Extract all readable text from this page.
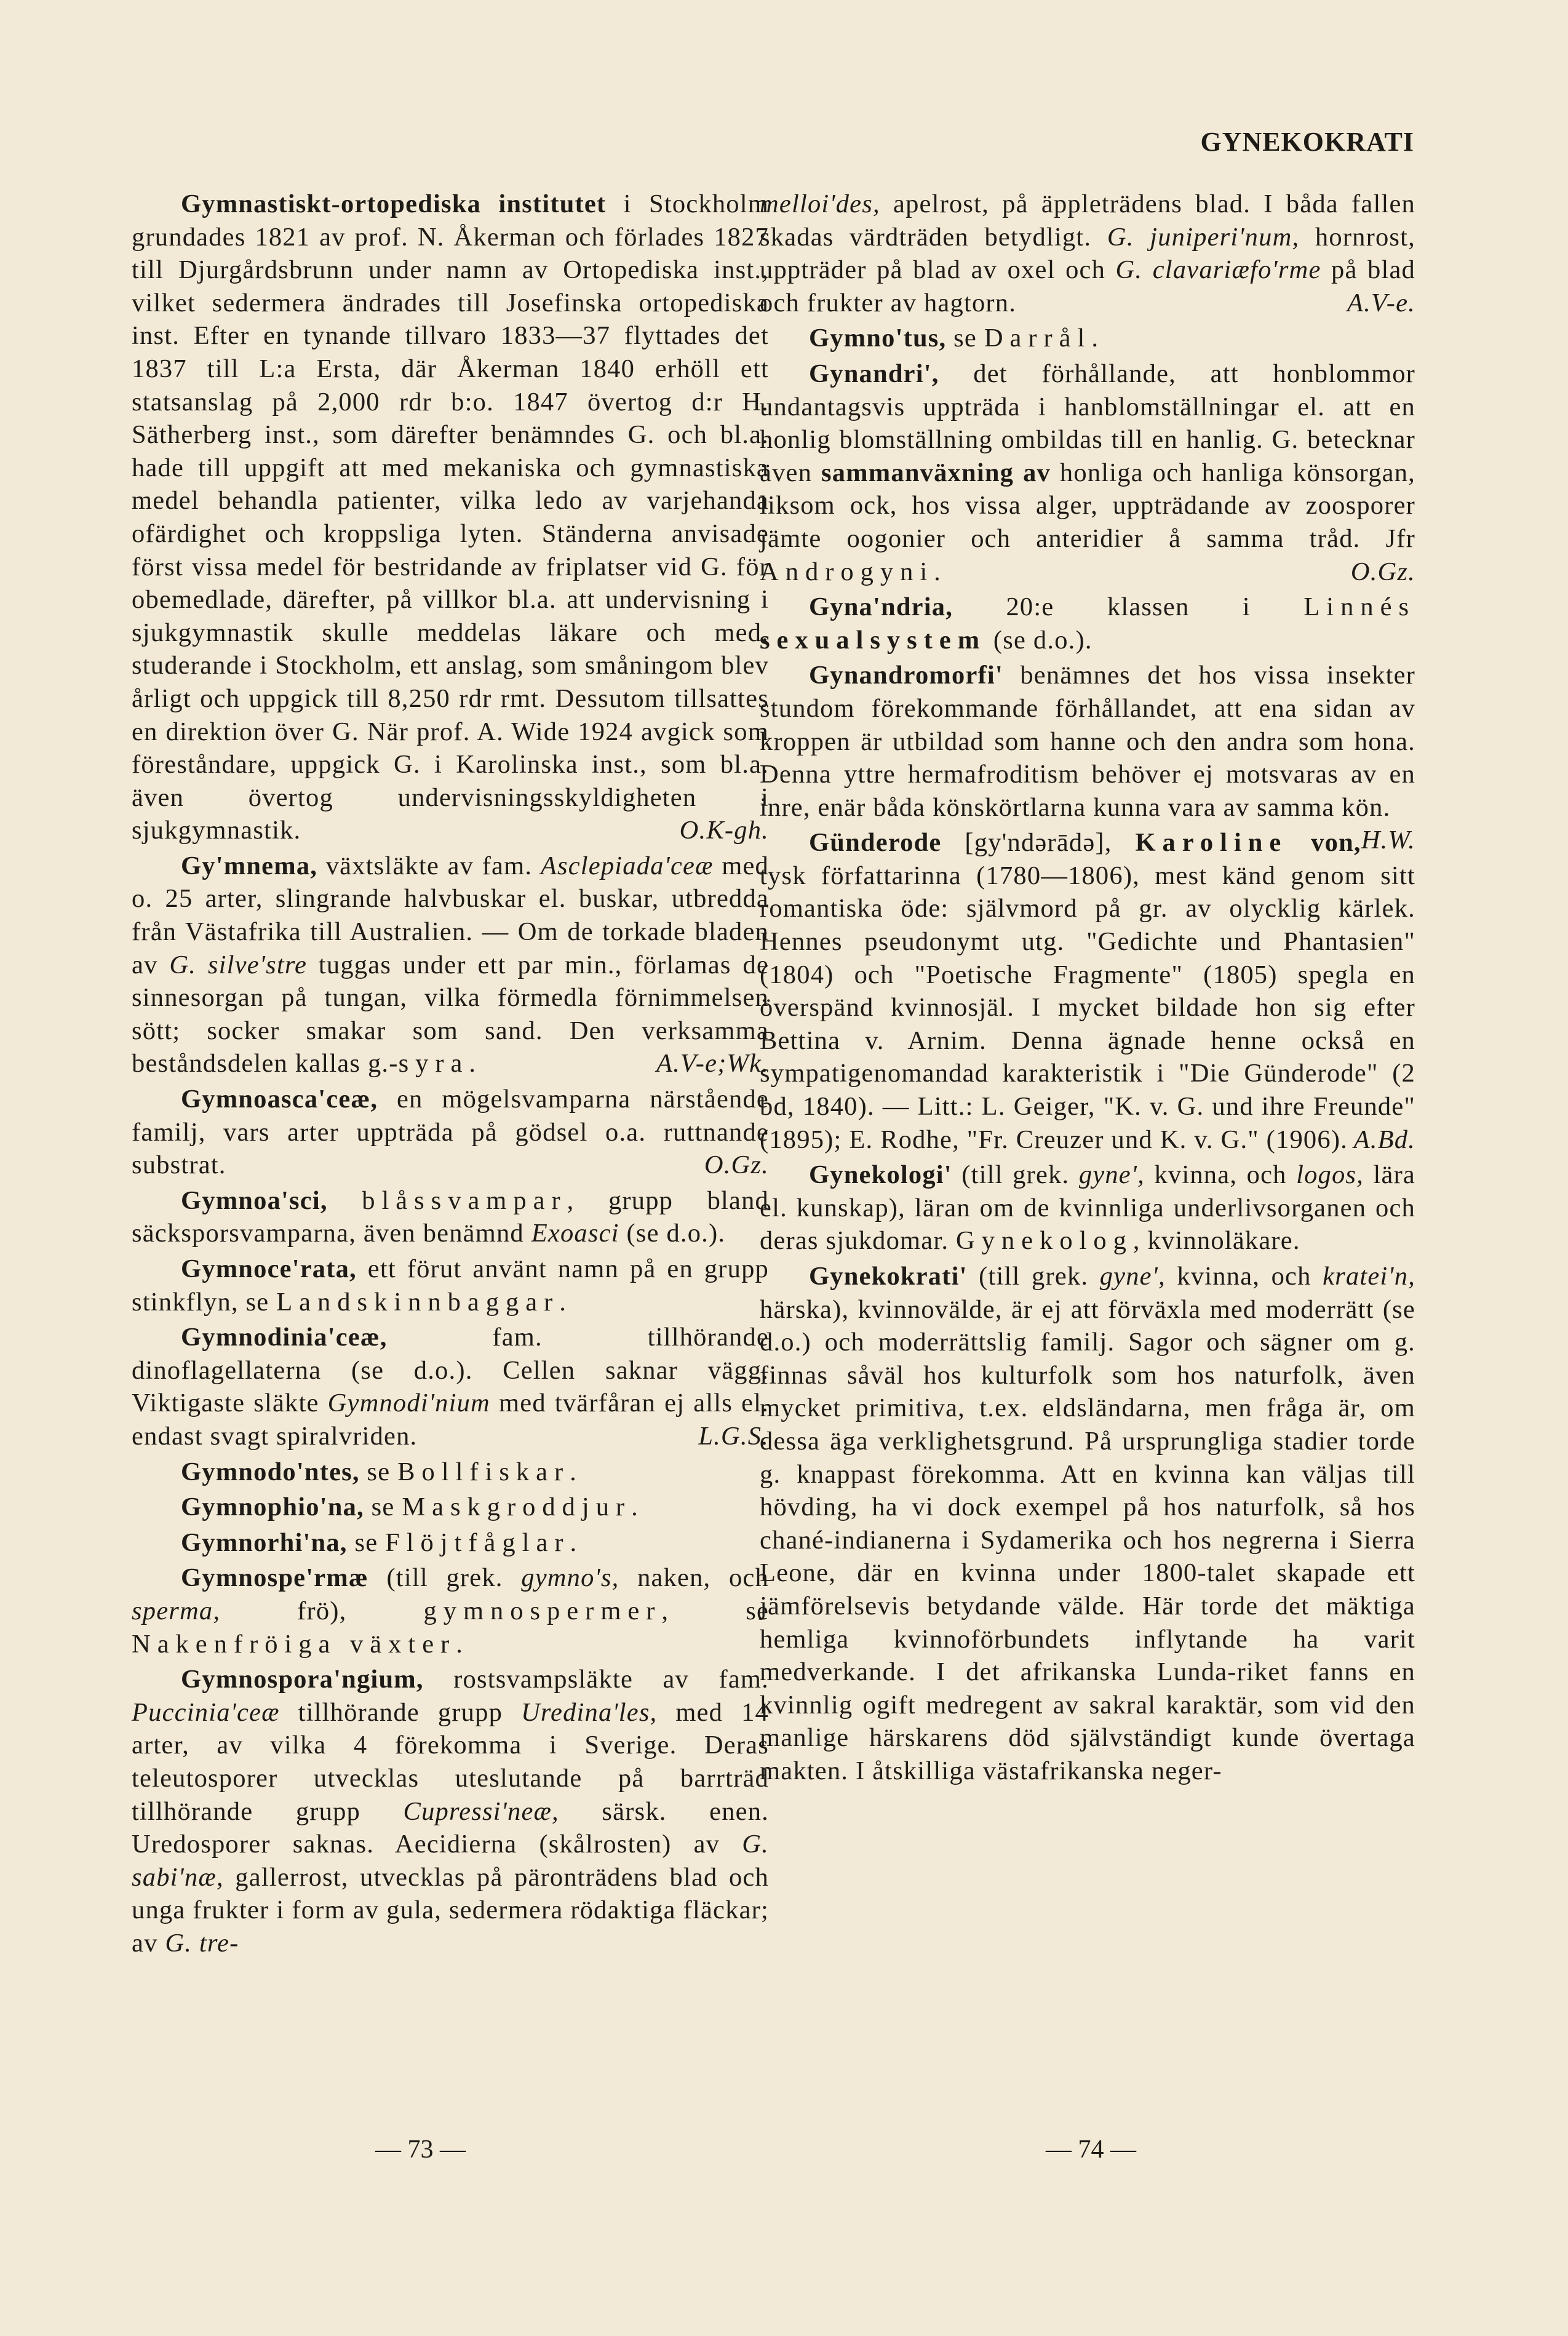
GYNEKOKRATI

Gymnastiskt-ortopediska institutet i Stockholm grundades 1821 av prof. N. Åkerman och förlades 1827 till Djurgårdsbrunn under namn av Ortopediska inst., vilket sedermera ändrades till Josefinska ortopediska inst. Efter en tynande tillvaro 1833—37 flyttades det 1837 till L:a Ersta, där Åkerman 1840 erhöll ett statsanslag på 2,000 rdr b:o. 1847 övertog d:r H. Sätherberg inst., som därefter benämndes G. och bl.a. hade till uppgift att med mekaniska och gymnastiska medel behandla patienter, vilka ledo av varjehanda ofärdighet och kroppsliga lyten. Ständerna anvisade först vissa medel för bestridande av friplatser vid G. för obemedlade, därefter, på villkor bl.a. att undervisning i sjukgymnastik skulle meddelas läkare och med. studerande i Stockholm, ett anslag, som småningom blev årligt och uppgick till 8,250 rdr rmt. Dessutom tillsattes en direktion över G. När prof. A. Wide 1924 avgick som föreståndare, uppgick G. i Karolinska inst., som bl.a. även övertog undervisningsskyldigheten i sjukgymnastik.	O.K-gh.

Gy'mnema, växtsläkte av fam. Asclepiada'ceæ med o. 25 arter, slingrande halvbuskar el. buskar, utbredda från Västafrika till Australien. — Om de torkade bladen av G. silve'stre tuggas under ett par min., förlamas de sinnesorgan på tungan, vilka förmedla förnimmelsen sött; socker smakar som sand. Den verksamma beståndsdelen kallas g.-syra.	A.V-e;Wk.

Gymnoasca'ceæ, en mögelsvamparna närstående familj, vars arter uppträda på gödsel o.a. ruttnande substrat.	O.Gz.

Gymnoa'sci, blåssvampar, grupp bland säcksporsvamparna, även benämnd Exoasci (se d.o.).

Gymnoce'rata, ett förut använt namn på en grupp stinkflyn, se Landskinnbaggar.

Gymnodinia'ceæ, fam. tillhörande dinoflagellaterna (se d.o.). Cellen saknar vägg. Viktigaste släkte Gymnodi'nium med tvärfåran ej alls el. endast svagt spiralvriden.	L.G.S.

Gymnodo'ntes, se Bollfiskar.

Gymnophio'na, se Maskgroddjur.

Gymnorhi'na, se Flöjtfåglar.

Gymnospe'rmæ (till grek. gymno's, naken, och sperma, frö), gymnospermer, se Nakenfröiga växter.

Gymnospora'ngium, rostsvampsläkte av fam. Puccinia'ceæ tillhörande grupp Uredina'les, med 14 arter, av vilka 4 förekomma i Sverige. Deras teleutosporer utvecklas uteslutande på barrträd tillhörande grupp Cupressi'neæ, särsk. enen. Uredosporer saknas. Aecidierna (skålrosten) av G. sabi'næ, gallerrost, utvecklas på päronträdens blad och unga frukter i form av gula, sedermera rödaktiga fläckar; av G. tre-

melloi'des, apelrost, på äppleträdens blad. I båda fallen skadas värdträden betydligt. G. juniperi'num, hornrost, uppträder på blad av oxel och G. clavariæfo'rme på blad och frukter av hagtorn.	A.V-e.

Gymno'tus, se Darrål.

Gynandri', det förhållande, att honblommor undantagsvis uppträda i hanblomställningar el. att en honlig blomställning ombildas till en hanlig. G. betecknar även sammanväxning av honliga och hanliga könsorgan, liksom ock, hos vissa alger, uppträdande av zoosporer jämte oogonier och anteridier å samma tråd. Jfr Androgyni.	O.Gz.

Gyna'ndria, 20:e klassen i Linnés sexualsystem (se d.o.).

Gynandromorfi' benämnes det hos vissa insekter stundom förekommande förhållandet, att ena sidan av kroppen är utbildad som hanne och den andra som hona. Denna yttre hermafroditism behöver ej motsvaras av en inre, enär båda könskörtlarna kunna vara av samma kön.
H.W.

Günderode [gy'ndərādə], Karoline von, tysk författarinna (1780—1806), mest känd genom sitt romantiska öde: självmord på gr. av olycklig kärlek. Hennes pseudonymt utg. "Gedichte und Phantasien" (1804) och "Poetische Fragmente" (1805) spegla en överspänd kvinnosjäl. I mycket bildade hon sig efter Bettina v. Arnim. Denna ägnade henne också en sympatigenomandad karakteristik i "Die Günderode" (2 bd, 1840). — Litt.: L. Geiger, "K. v. G. und ihre Freunde" (1895); E. Rodhe, "Fr. Creuzer und K. v. G." (1906). A.Bd.

Gynekologi' (till grek. gyne', kvinna, och logos, lära el. kunskap), läran om de kvinnliga underlivsorganen och deras sjukdomar. Gynekolog, kvinnoläkare.

Gynekokrati' (till grek. gyne', kvinna, och kratei'n, härska), kvinnovälde, är ej att förväxla med moderrätt (se d.o.) och moderrättslig familj. Sagor och sägner om g. finnas såväl hos kulturfolk som hos naturfolk, även mycket primitiva, t.ex. eldsländarna, men fråga är, om dessa äga verklighetsgrund. På ursprungliga stadier torde g. knappast förekomma. Att en kvinna kan väljas till hövding, ha vi dock exempel på hos naturfolk, så hos chané-indianerna i Sydamerika och hos negrerna i Sierra Leone, där en kvinna under 1800-talet skapade ett jämförelsevis betydande välde. Här torde det mäktiga hemliga kvinnoförbundets inflytande ha varit medverkande. I det afrikanska Lunda-riket fanns en kvinnlig ogift medregent av sakral karaktär, som vid den manlige härskarens död självständigt kunde övertaga makten. I åtskilliga västafrikanska neger-

— 73 —	— 74 —
